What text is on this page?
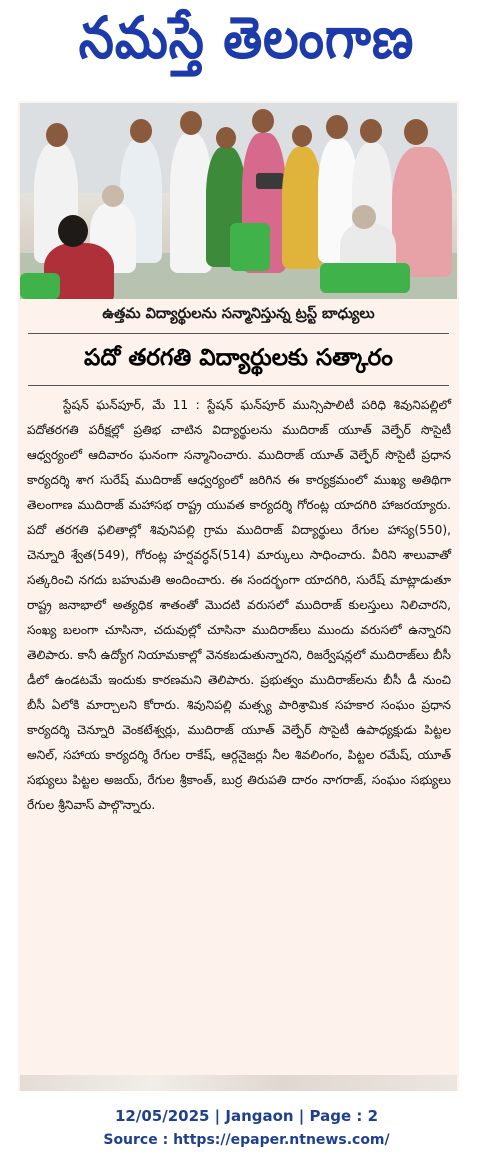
నమస్తే తెలంగాణ
ఉత్తమ విద్యార్థులను సన్మానిస్తున్న ట్రస్ట్ బాధ్యులు
పదో తరగతి విద్యార్థులకు సత్కారం

స్టేషన్ ఘన్‌పూర్, మే 11 : స్టేషన్ ఘన్‌పూర్ మున్సిపాలిటీ పరిధి శివునిపల్లిలో పదోతరగతి పరీక్షల్లో ప్రతిభ చాటిన విద్యార్థులను ముదిరాజ్ యూత్ వెల్ఫేర్ సొసైటీ ఆధ్వర్యంలో ఆదివారం ఘనంగా సన్మానించారు. ముదిరాజ్ యూత్ వెల్ఫేర్ సొసైటీ ప్రధాన కార్యదర్శి శాగ సురేష్ ముదిరాజ్ ఆధ్వర్యంలో జరిగిన ఈ కార్యక్రమంలో ముఖ్య అతిథిగా తెలంగాణ ముదిరాజ్ మహాసభ రాష్ట్ర యువత కార్యదర్శి గోరంట్ల యాదగిరి హాజరయ్యారు. పదో తరగతి ఫలితాల్లో శివునిపల్లి గ్రామ ముదిరాజ్ విద్యార్థులు రేగుల హాస్య(550), చెన్నూరి శ్వేత(549), గోరంట్ల హర్షవర్ధన్(514) మార్కులు సాధించారు. వీరిని శాలువాతో సత్కరించి నగదు బహుమతి అందించారు. ఈ సందర్భంగా యాదగిరి, సురేష్ మాట్లాడుతూ రాష్ట్ర జనాభాలో అత్యధిక శాతంతో మొదటి వరుసలో ముదిరాజ్ కులస్తులు నిలిచారని, సంఖ్య బలంగా చూసినా, చదువుల్లో చూసినా ముదిరాజ్‌లు ముందు వరుసలో ఉన్నారని తెలిపారు. కానీ ఉద్యోగ నియామకాల్లో వెనకబడుతున్నారని, రిజర్వేషన్లలో ముదిరాజ్‌లు బీసీ డీలో ఉండటమే ఇందుకు కారణమని తెలిపారు. ప్రభుత్వం ముదిరాజ్‌లను బీసీ డీ నుంచి బీసీ ఏలోకి మార్చాలని కోరారు. శివునిపల్లి మత్స్య పారిశ్రామిక సహకార సంఘం ప్రధాన కార్యదర్శి చెన్నూరి వెంకటేశ్వర్లు, ముదిరాజ్ యూత్ వెల్ఫేర్ సొసైటీ ఉపాధ్యక్షుడు పిట్టల అనిల్, సహాయ కార్యదర్శి రేగుల రాకేష్, ఆర్గనైజర్లు నీల శివలింగం, పిట్టల రమేష్, యూత్ సభ్యులు పిట్టల అజయ్, రేగుల శ్రీకాంత్, బుర్ర తిరుపతి దారం నాగరాజ్, సంఘం సభ్యులు రేగుల శ్రీనివాస్ పాల్గొన్నారు.

12/05/2025 | Jangaon | Page : 2
Source : https://epaper.ntnews.com/
